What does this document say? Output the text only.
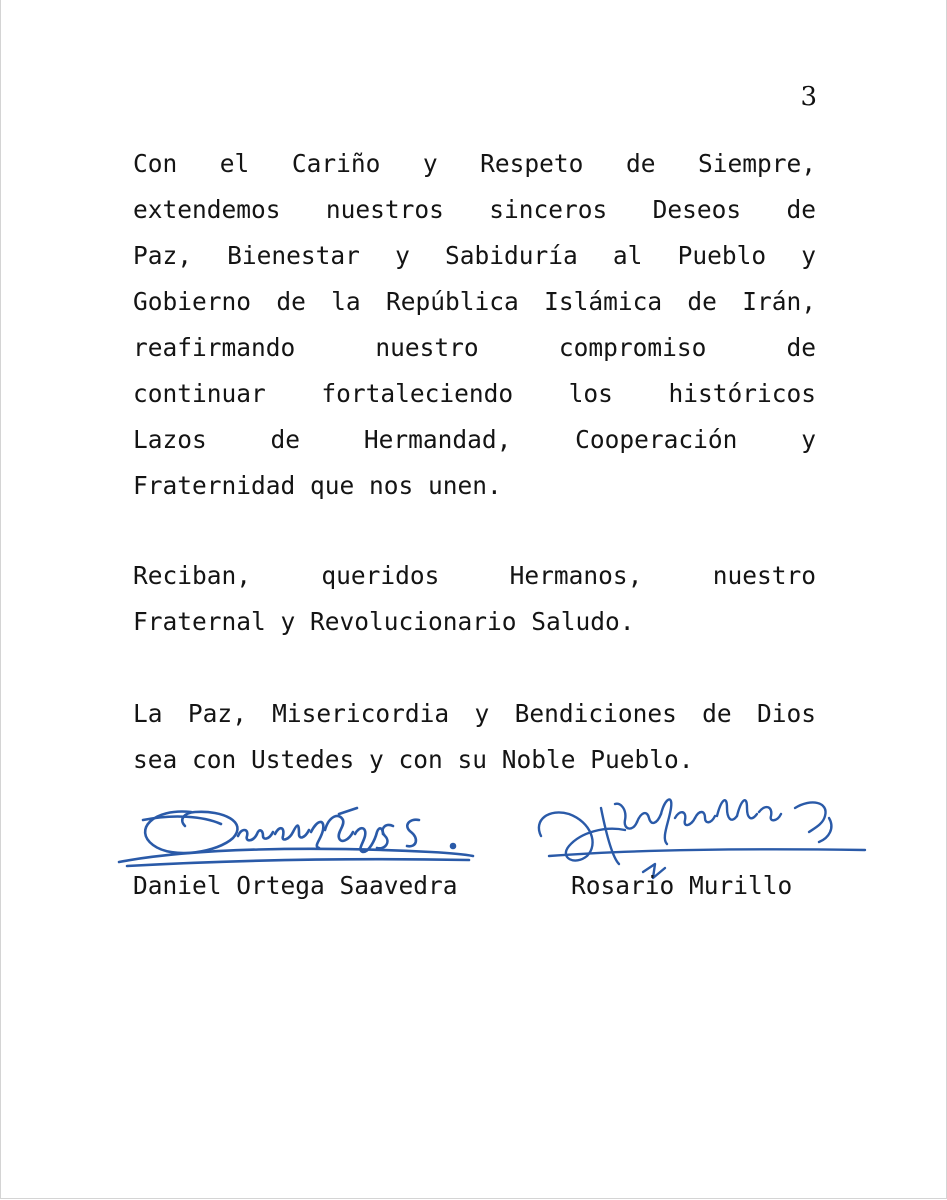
3
Con el Cariño y Respeto de Siempre,
extendemos nuestros sinceros Deseos de
Paz, Bienestar y Sabiduría al Pueblo y
Gobierno de la República Islámica de Irán,
reafirmando nuestro compromiso de
continuar fortaleciendo los históricos
Lazos de Hermandad, Cooperación y
Fraternidad que nos unen.
Reciban, queridos Hermanos, nuestro
Fraternal y Revolucionario Saludo.
La Paz, Misericordia y Bendiciones de Dios
sea con Ustedes y con su Noble Pueblo.
Daniel Ortega Saavedra	Rosario Murillo
